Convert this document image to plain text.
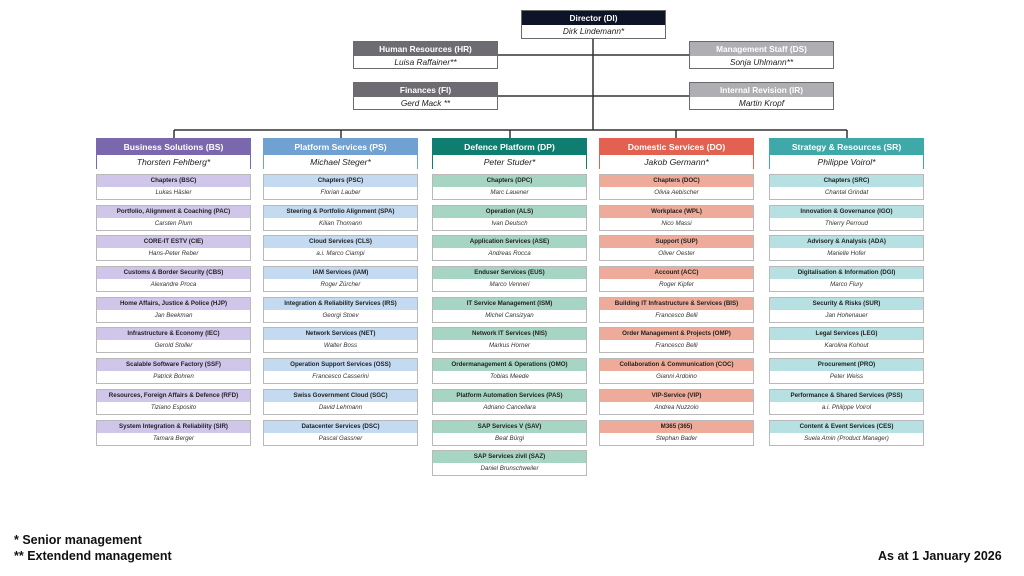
Director (DI)
Dirk Lindemann*
Human Resources (HR)
Luisa Raffainer**
Management Staff (DS)
Sonja Uhlmann**
Finances (FI)
Gerd Mack **
Internal Revision (IR)
Martin Kropf
Business Solutions (BS)
Thorsten Fehlberg*
Platform Services (PS)
Michael Steger*
Defence Platform (DP)
Peter Studer*
Domestic Services (DO)
Jakob Germann*
Strategy & Resources (SR)
Philippe Voirol*
Chapters (BSC)
Lukas Häsler
Portfolio, Alignment & Coaching (PAC)
Carsten Plum
CORE-IT ESTV (CIE)
Hans-Peter Reber
Customs & Border Security (CBS)
Alexandre Proca
Home Affairs, Justice & Police (HJP)
Jan Beekman
Infrastructure & Economy (IEC)
Gerold Stoller
Scalable Software Factory (SSF)
Patrick Bohren
Resources, Foreign Affairs & Defence (RFD)
Tiziano Esposito
System Integration & Reliability (SIR)
Tamara Berger
Chapters (PSC)
Florian Lauber
Steering & Portfolio Alignment (SPA)
Kilian Thomann
Cloud Services (CLS)
a.i. Marco Ciampi
IAM Services (IAM)
Roger Zürcher
Integration & Reliability Services (IRS)
Georgi Stoev
Network Services (NET)
Walter Boss
Operation Support Services (OSS)
Francesco Casserini
Swiss Government Cloud (SGC)
David Lehmann
Datacenter Services (DSC)
Pascal Gassner
Chapters (DPC)
Marc Lauener
Operation (ALS)
Ivan Deutsch
Application Services (ASE)
Andreas Rocca
Enduser Services (EUS)
Marco Venneri
IT Service Management (ISM)
Michel Cansizyan
Network IT Services (NIS)
Markus Horner
Ordermanagement & Operations (OMO)
Tobias Meede
Platform Automation Services (PAS)
Adriano Cancellara
SAP Services V (SAV)
Beat Bürgi
SAP Services zivil (SAZ)
Daniel Brunschweiler
Chapters (DOC)
Olivia Aebischer
Workplace (WPL)
Nico Massi
Support (SUP)
Oliver Oester
Account (ACC)
Roger Kipfer
Building IT Infrastructure & Services (BIS)
Francesco Belli
Order Management & Projects (OMP)
Francesco Belli
Collaboration & Communication (COC)
Gianni Ardoino
VIP-Service (VIP)
Andrea Nuzzolo
M365 (365)
Stephan Bader
Chapters (SRC)
Chantal Grindat
Innovation & Governance (IGO)
Thierry Perroud
Advisory & Analysis (ADA)
Marielle Hofer
Digitalisation & Information (DGI)
Marco Flury
Security & Risks (SUR)
Jan Hohenauer
Legal Services (LEG)
Karolina Kohout
Procurement (PRO)
Peter Weiss
Performance & Shared Services (PSS)
a.i. Philippe Voirol
Content & Event Services (CES)
Suela Amin (Product Manager)
* Senior management
** Extendend management	As at 1 January 2026
